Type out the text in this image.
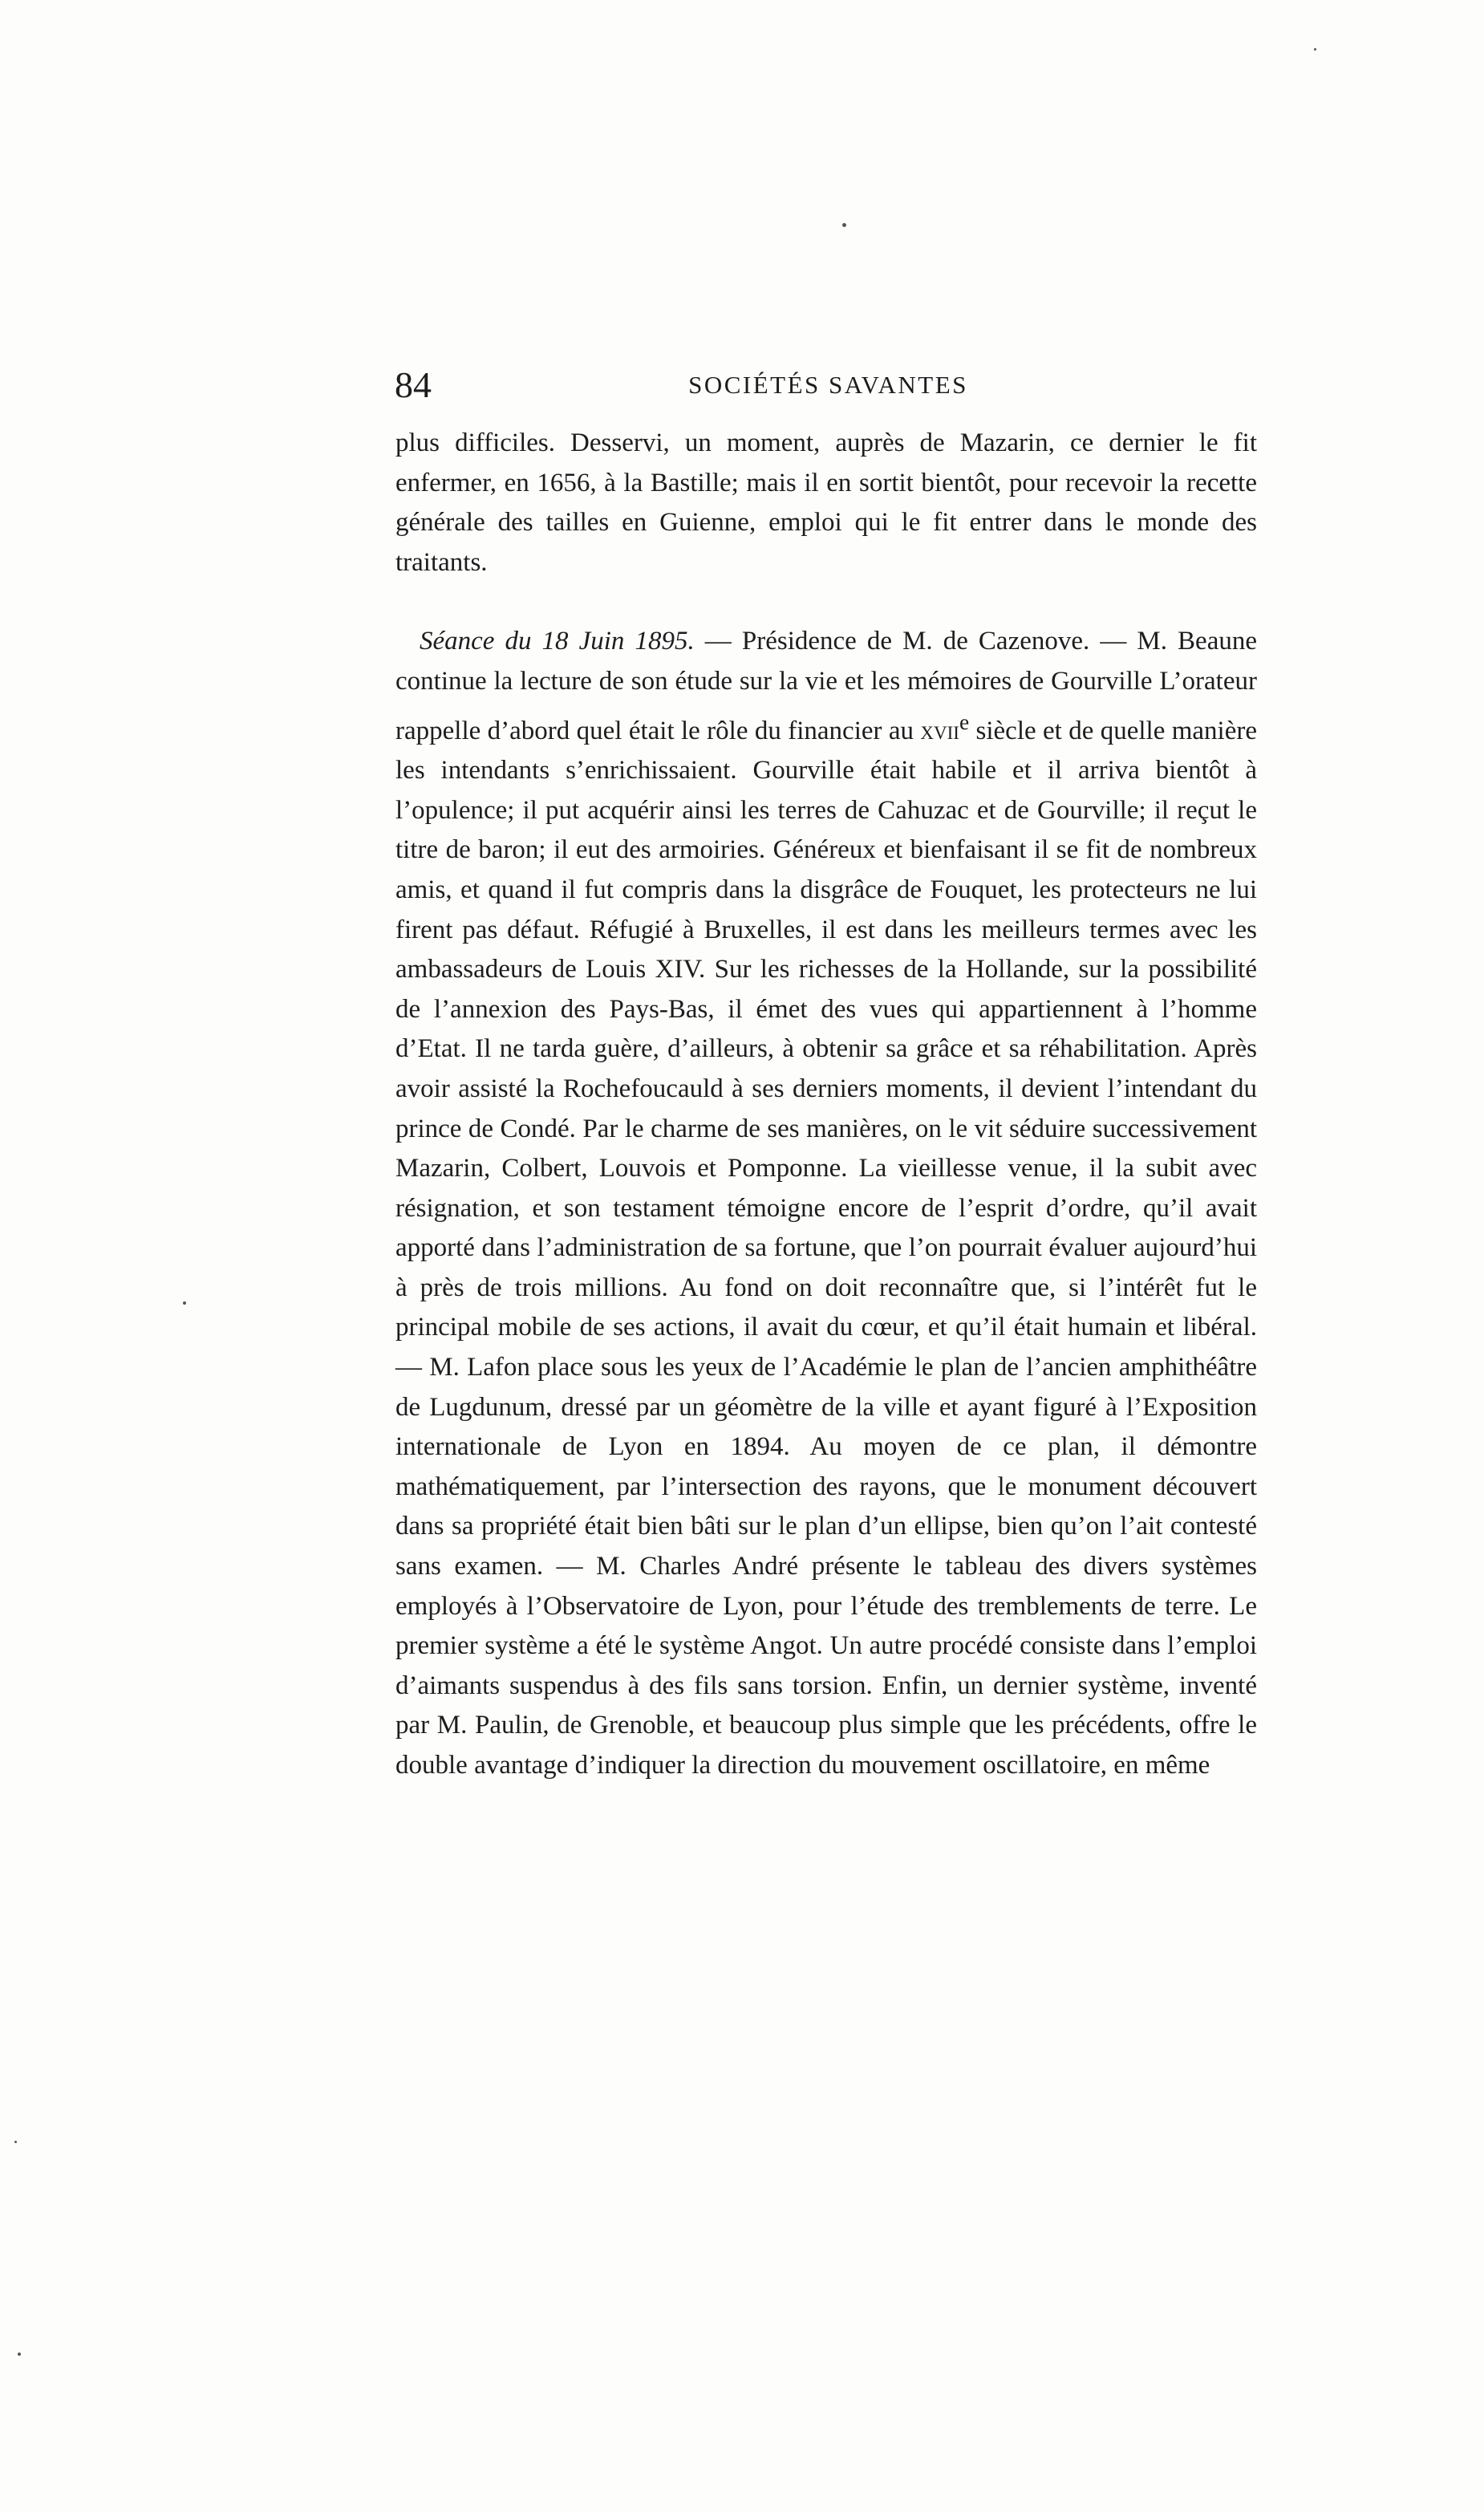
84	SOCIÉTÉS SAVANTES

plus difficiles. Desservi, un moment, auprès de Mazarin, ce dernier le fit enfermer, en 1656, à la Bastille; mais il en sortit bientôt, pour recevoir la recette générale des tailles en Guienne, emploi qui le fit entrer dans le monde des traitants.

Séance du 18 Juin 1895. — Présidence de M. de Cazenove. — M. Beaune continue la lecture de son étude sur la vie et les mémoires de Gourville L’orateur rappelle d’abord quel était le rôle du financier au xvii$^e$ siècle et de quelle manière les intendants s’enrichissaient. Gourville était habile et il arriva bientôt à l’opulence; il put acquérir ainsi les terres de Cahuzac et de Gourville; il reçut le titre de baron; il eut des armoiries. Généreux et bienfaisant il se fit de nombreux amis, et quand il fut compris dans la disgrâce de Fouquet, les protecteurs ne lui firent pas défaut. Réfugié à Bruxelles, il est dans les meilleurs termes avec les ambassadeurs de Louis XIV. Sur les richesses de la Hollande, sur la possibilité de l’annexion des Pays-Bas, il émet des vues qui appartiennent à l’homme d’Etat. Il ne tarda guère, d’ailleurs, à obtenir sa grâce et sa réhabilitation. Après avoir assisté la Rochefoucauld à ses derniers moments, il devient l’intendant du prince de Condé. Par le charme de ses manières, on le vit séduire successivement Mazarin, Colbert, Louvois et Pomponne. La vieillesse venue, il la subit avec résignation, et son testament témoigne encore de l’esprit d’ordre, qu’il avait apporté dans l’administration de sa fortune, que l’on pourrait évaluer aujourd’hui à près de trois millions. Au fond on doit reconnaître que, si l’intérêt fut le principal mobile de ses actions, il avait du cœur, et qu’il était humain et libéral. — M. Lafon place sous les yeux de l’Académie le plan de l’ancien amphithéâtre de Lugdunum, dressé par un géomètre de la ville et ayant figuré à l’Exposition internationale de Lyon en 1894. Au moyen de ce plan, il démontre mathématiquement, par l’intersection des rayons, que le monument découvert dans sa propriété était bien bâti sur le plan d’un ellipse, bien qu’on l’ait contesté sans examen. — M. Charles André présente le tableau des divers systèmes employés à l’Observatoire de Lyon, pour l’étude des tremblements de terre. Le premier système a été le système Angot. Un autre procédé consiste dans l’emploi d’aimants suspendus à des fils sans torsion. Enfin, un dernier système, inventé par M. Paulin, de Grenoble, et beaucoup plus simple que les précédents, offre le double avantage d’indiquer la direction du mouvement oscillatoire, en même
